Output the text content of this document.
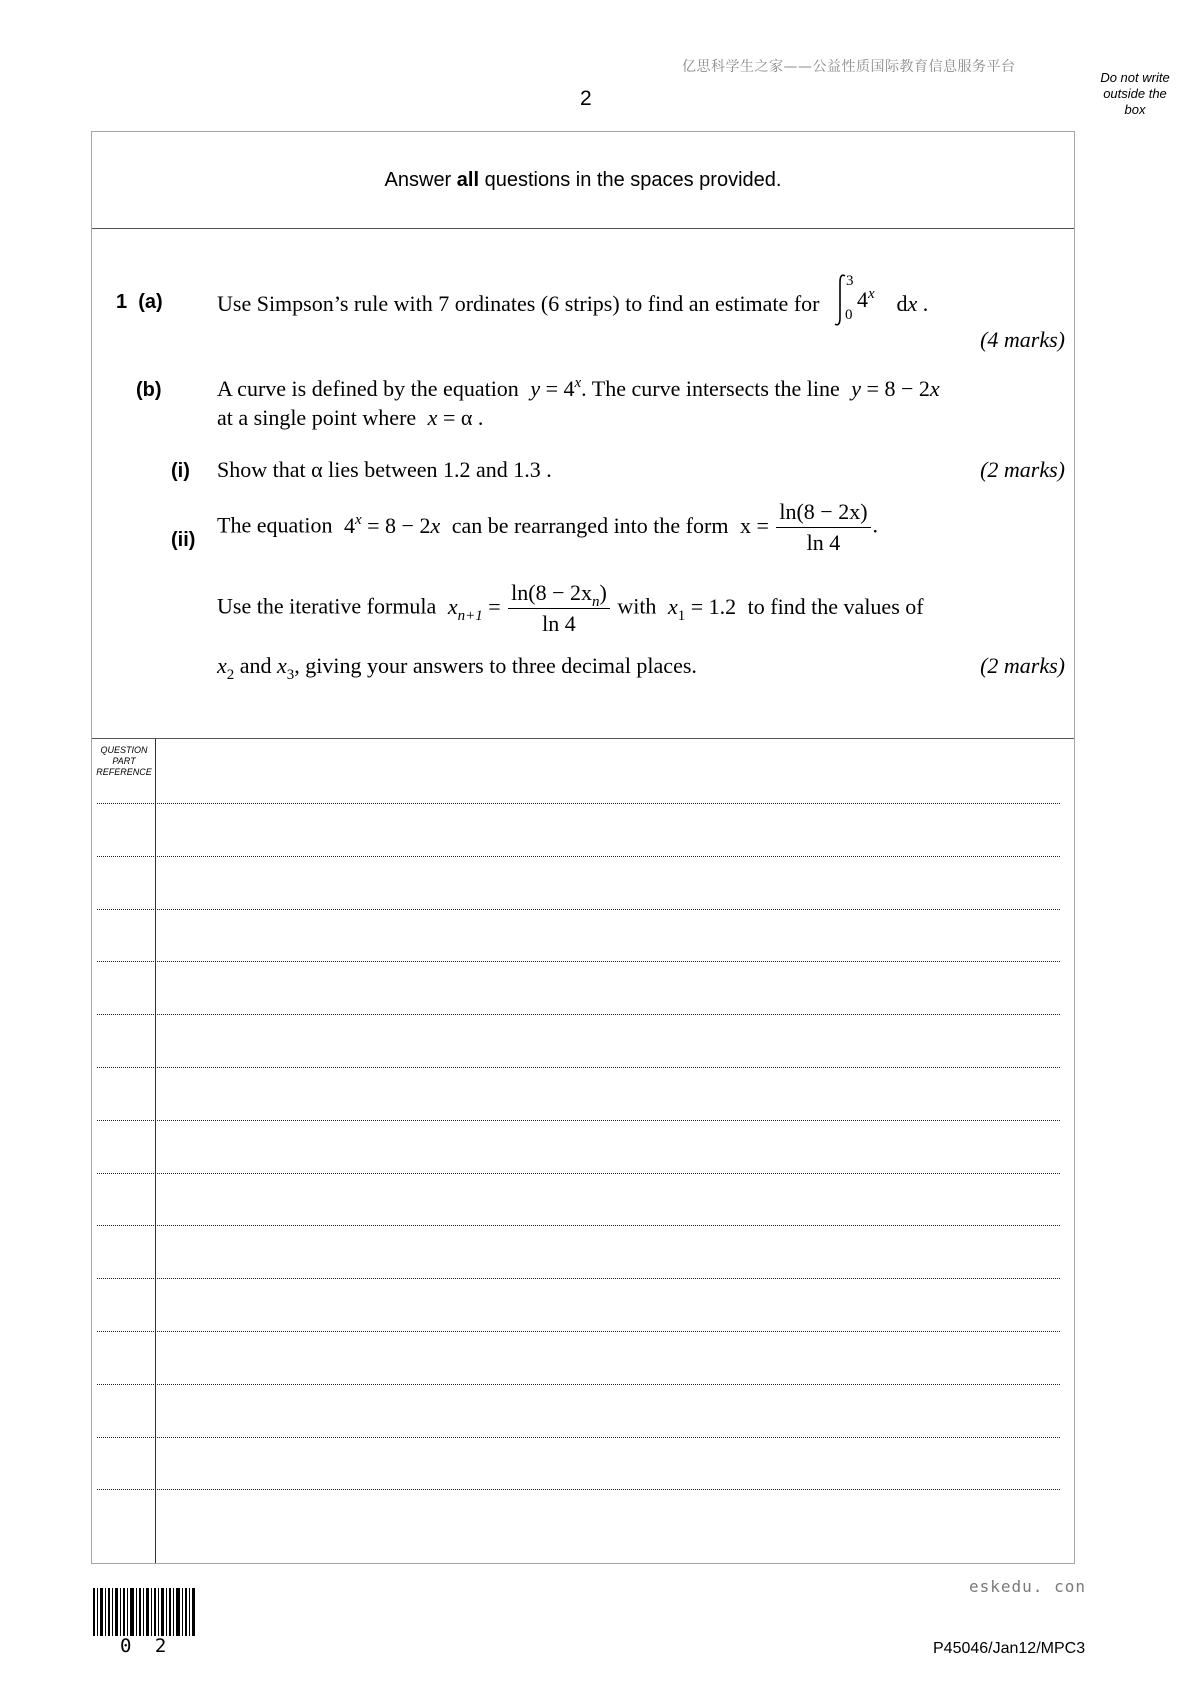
亿思科学生之家——公益性质国际教育信息服务平台
Do not write
outside the
box
2
Answer all questions in the spaces provided.
1 (a) Use Simpson’s rule with 7 ordinates (6 strips) to find an estimate for
3
0
4$^x$ dx .
(4 marks)
(b)	A curve is defined by the equation $y = 4^x$. The curve intersects the line y = 8 − 2x
at a single point where x = α .
(i) Show that α lies between 1.2 and 1.3 .	(2 marks)
(ii)
The equation $4^x = 8 - 2x$ can be rearranged into the form $x = \frac{\ln(8 - 2x)}{\ln 4}$ .
Use the iterative formula $x_{n+1} = \frac{\ln(8 - 2x_n)}{\ln 4}$ with $x_1 = 1.2$ to find the values of
$x_2$ and $x_3$, giving your answers to three decimal places.	(2 marks)
QUESTION
PART
REFERENCE
eskedu. con
0 2	P45046/Jan12/MPC3
